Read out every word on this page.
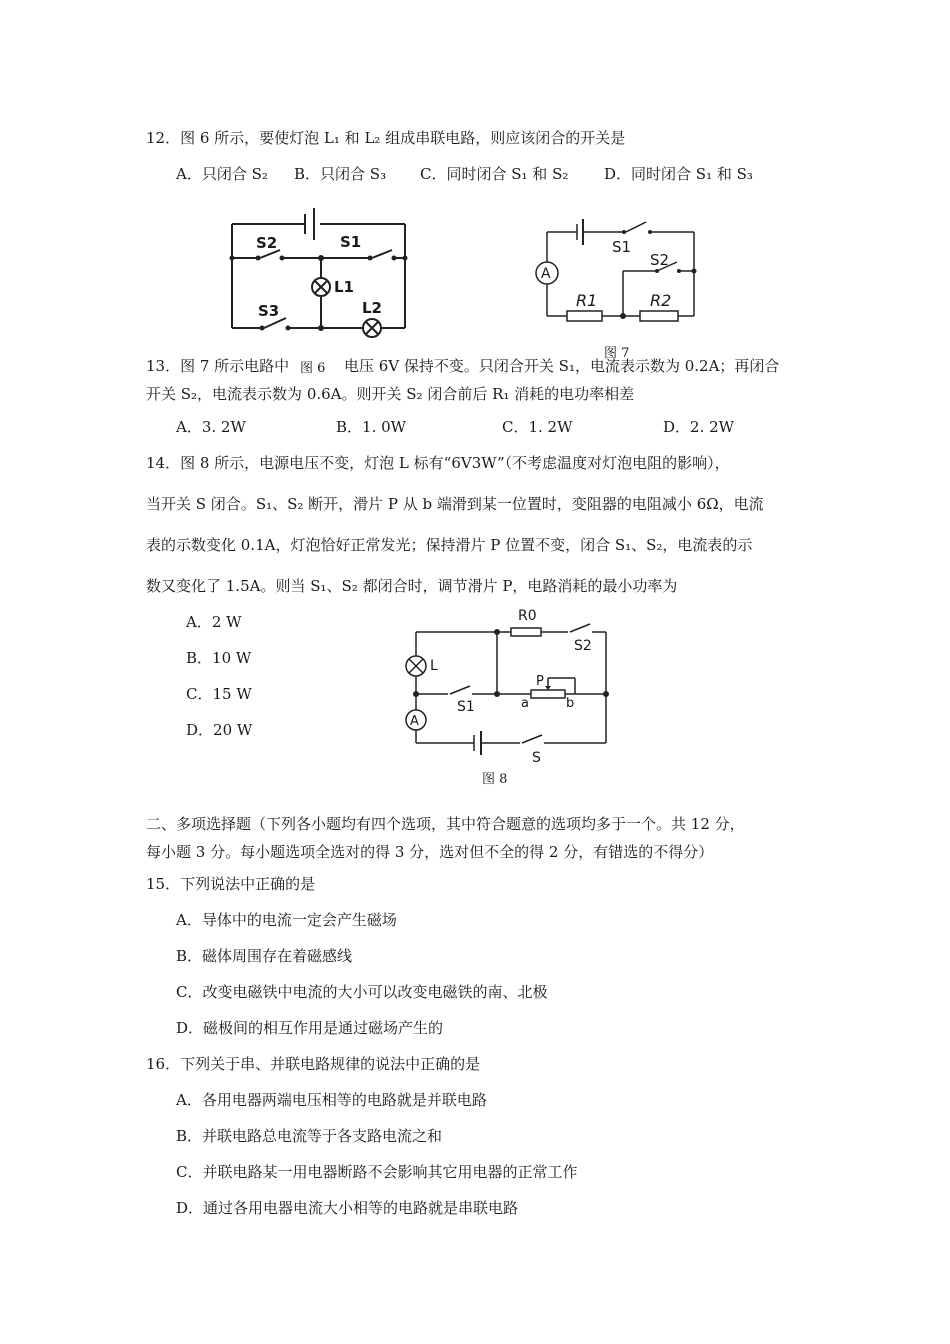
12．图 6 所示，要使灯泡 L₁ 和 L₂ 组成串联电路，则应该闭合的开关是
A．只闭合 S₂ B．只闭合 S₃ C．同时闭合 S₁ 和 S₂ D．同时闭合 S₁ 和 S₃
S2	S1
L1
L2
S3
A
S1
S2
R1	R2
图 7
13．图 7 所示电路中 图 6 电压 6V 保持不变。只闭合开关 S₁，电流表示数为 0.2A；再闭合
开关 S₂，电流表示数为 0.6A。则开关 S₂ 闭合前后 R₁ 消耗的电功率相差
A．3. 2W	B．1. 0W	C．1. 2W	D．2. 2W
14．图 8 所示，电源电压不变，灯泡 L 标有“6V3W”（不考虑温度对灯泡电阻的影响），
当开关 S 闭合。S₁、S₂ 断开，滑片 P 从 b 端滑到某一位置时，变阻器的电阻减小 6Ω，电流
表的示数变化 0.1A，灯泡恰好正常发光；保持滑片 P 位置不变，闭合 S₁、S₂，电流表的示
数又变化了 1.5A。则当 S₁、S₂ 都闭合时，调节滑片 P，电路消耗的最小功率为
A．2 W
B．10 W
C．15 W
D．20 W
R0
S2
L
P
a	b
S1
A
S
图 8
二、多项选择题（下列各小题均有四个选项，其中符合题意的选项均多于一个。共 12 分，
每小题 3 分。每小题选项全选对的得 3 分，选对但不全的得 2 分，有错选的不得分）
15．下列说法中正确的是
A．导体中的电流一定会产生磁场
B．磁体周围存在着磁感线
C．改变电磁铁中电流的大小可以改变电磁铁的南、北极
D．磁极间的相互作用是通过磁场产生的
16．下列关于串、并联电路规律的说法中正确的是
A．各用电器两端电压相等的电路就是并联电路
B．并联电路总电流等于各支路电流之和
C．并联电路某一用电器断路不会影响其它用电器的正常工作
D．通过各用电器电流大小相等的电路就是串联电路
